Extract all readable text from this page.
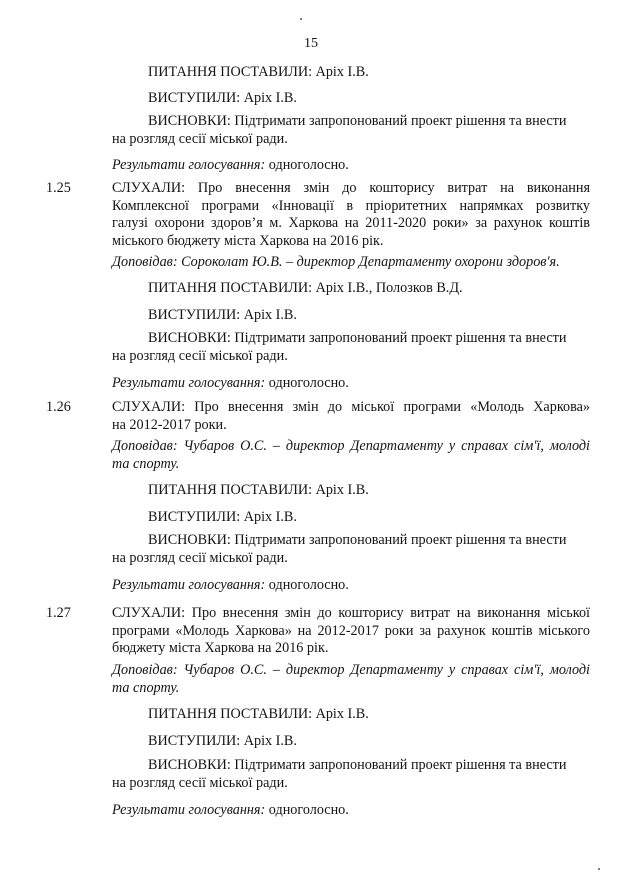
15
ПИТАННЯ ПОСТАВИЛИ: Аріх І.В.
ВИСТУПИЛИ: Аріх І.В.
ВИСНОВКИ: Підтримати запропонований проект рішення та внести
на розгляд сесії міської ради.
Результати голосування: одноголосно.
1.25	СЛУХАЛИ: Про внесення змін до кошторису витрат на виконання
Комплексної програми «Інновації в пріоритетних напрямках розвитку
галузі охорони здоров’я м. Харкова на 2011-2020 роки» за рахунок коштів
міського бюджету міста Харкова на 2016 рік.
Доповідав: Сороколат Ю.В. – директор Департаменту охорони здоров'я.
ПИТАННЯ ПОСТАВИЛИ: Аріх І.В., Полозков В.Д.
ВИСТУПИЛИ: Аріх І.В.
ВИСНОВКИ: Підтримати запропонований проект рішення та внести
на розгляд сесії міської ради.
Результати голосування: одноголосно.
1.26	СЛУХАЛИ: Про внесення змін до міської програми «Молодь Харкова»
на 2012-2017 роки.
Доповідав: Чубаров О.С. – директор Департаменту у справах сім'ї, молоді
та спорту.
ПИТАННЯ ПОСТАВИЛИ: Аріх І.В.
ВИСТУПИЛИ: Аріх І.В.
ВИСНОВКИ: Підтримати запропонований проект рішення та внести
на розгляд сесії міської ради.
Результати голосування: одноголосно.
1.27	СЛУХАЛИ: Про внесення змін до кошторису витрат на виконання міської
програми «Молодь Харкова» на 2012-2017 роки за рахунок коштів міського
бюджету міста Харкова на 2016 рік.
Доповідав: Чубаров О.С. – директор Департаменту у справах сім'ї, молоді
та спорту.
ПИТАННЯ ПОСТАВИЛИ: Аріх І.В.
ВИСТУПИЛИ: Аріх І.В.
ВИСНОВКИ: Підтримати запропонований проект рішення та внести
на розгляд сесії міської ради.
Результати голосування: одноголосно.
